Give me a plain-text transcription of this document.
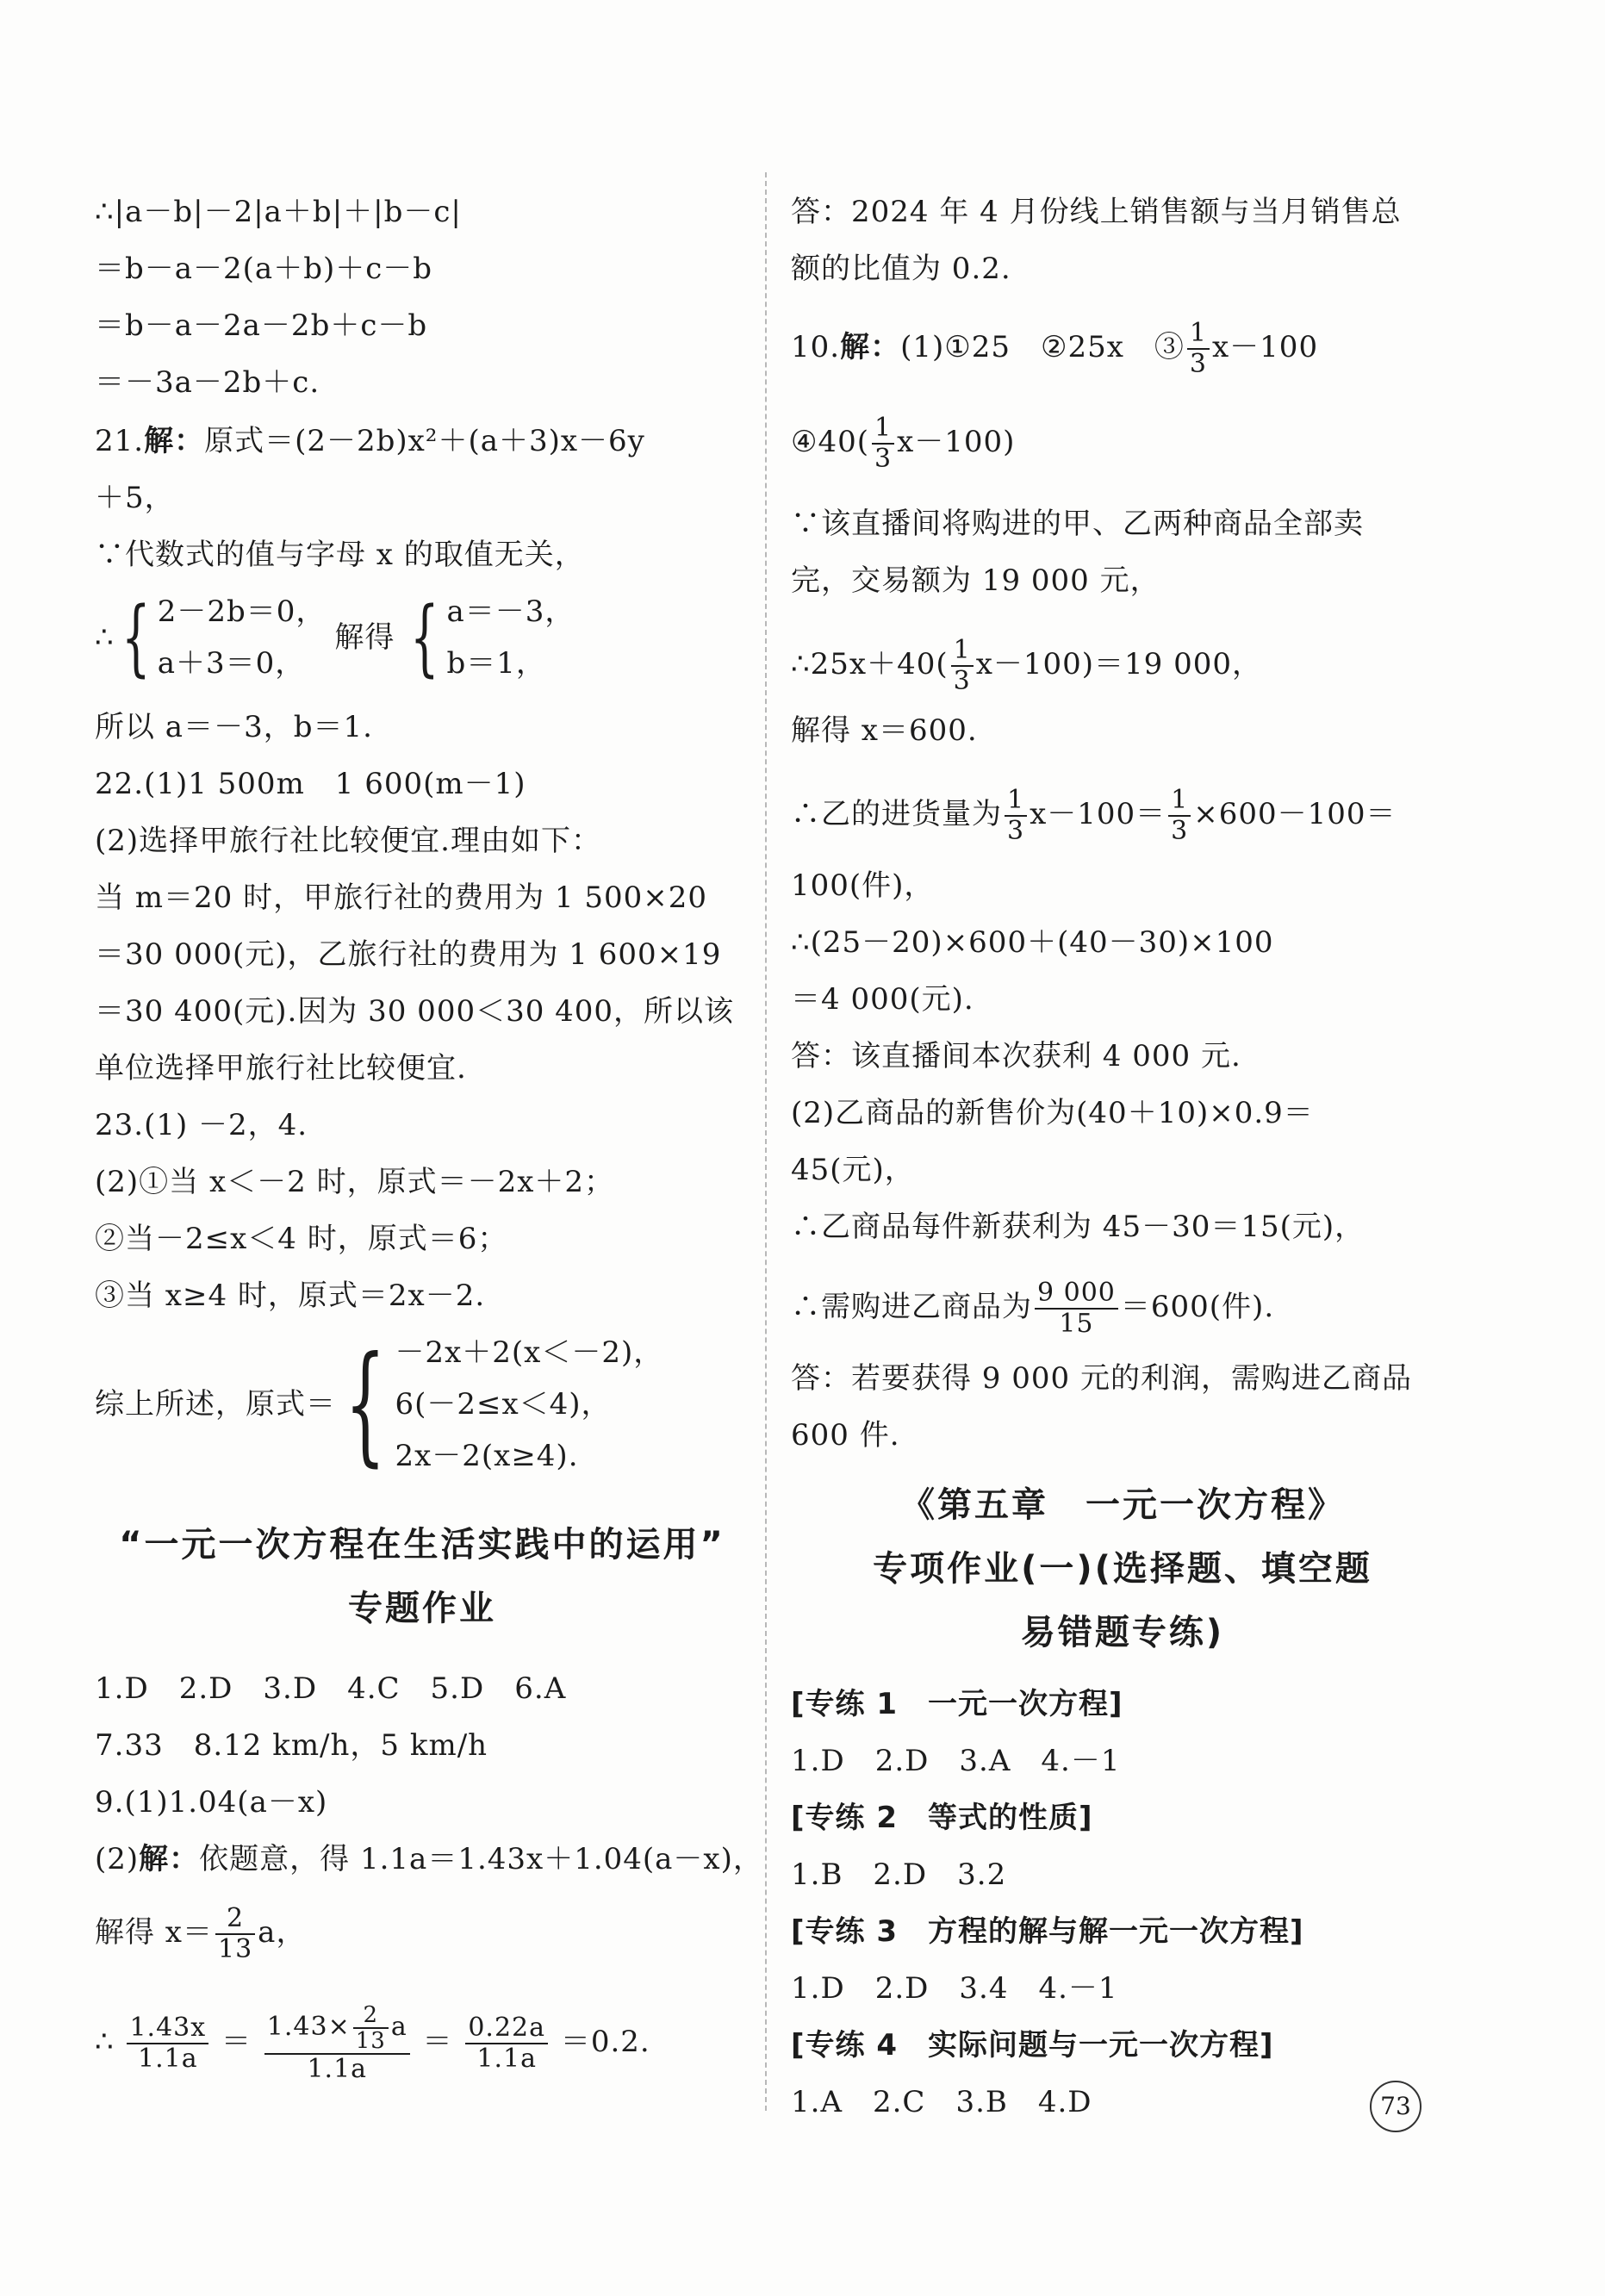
∴|a－b|－2|a＋b|＋|b－c|
＝b－a－2(a＋b)＋c－b
＝b－a－2a－2b＋c－b
＝－3a－2b＋c.
21.解：原式＝(2－2b)x²＋(a＋3)x－6y
＋5，
∵代数式的值与字母 x 的取值无关，
∴ { 2－2b＝0，
a＋3＝0，
解得 { a＝－3，
b＝1，
所以 a＝－3，b＝1.
22.(1)1 500m　1 600(m－1)
(2)选择甲旅行社比较便宜.理由如下：
当 m＝20 时，甲旅行社的费用为 1 500×20
＝30 000(元)，乙旅行社的费用为 1 600×19
＝30 400(元).因为 30 000＜30 400，所以该
单位选择甲旅行社比较便宜.
23.(1) －2，4.
(2)①当 x＜－2 时，原式＝－2x＋2；
②当－2≤x＜4 时，原式＝6；
③当 x≥4 时，原式＝2x－2.
综上所述，原式＝ { －2x＋2(x＜－2)，
6(－2≤x＜4)，
2x－2(x≥4).
“一元一次方程在生活实践中的运用”
专题作业
1.D　2.D　3.D　4.C　5.D　6.A
7.33　8.12 km/h，5 km/h
9.(1)1.04(a－x)
(2)解：依题意，得 1.1a＝1.43x＋1.04(a－x)，
解得 $x= \frac{2}{13}$ a，
∴ $\frac{1.43x}{1.1a} = \frac{1.43\times \frac{2}{13} a}{1.1a} = \frac{0.22a}{1.1a} =0.2$.
答：2024 年 4 月份线上销售额与当月销售总
额的比值为 0.2.
10.解：(1)①25　②25x　③ $\frac{1}{3} x-100$
④40( $\frac{1}{3} x-100$)
∵该直播间将购进的甲、乙两种商品全部卖
完，交易额为 19 000 元，
∴25x＋40( $\frac{1}{3} x-100)=19$ 000，
解得 x＝600.
∴乙的进货量为 $\frac{1}{3} x-100= \frac{1}{3} \times 600-100=$
100(件)，
∴(25－20)×600＋(40－30)×100
＝4 000(元).
答：该直播间本次获利 4 000 元.
(2)乙商品的新售价为(40＋10)×0.9＝
45(元)，
∴乙商品每件新获利为 45－30＝15(元)，
∴需购进乙商品为 $\frac{9 000}{15} =600$(件).
答：若要获得 9 000 元的利润，需购进乙商品
600 件.
《第五章　一元一次方程》
专项作业(一)(选择题、填空题
易错题专练)
[专练 1　一元一次方程]
1.D　2.D　3.A　4.－1
[专练 2　等式的性质]
1.B　2.D　3.2
[专练 3　方程的解与解一元一次方程]
1.D　2.D　3.4　4.－1
[专练 4　实际问题与一元一次方程]
1.A　2.C　3.B　4.D	73
